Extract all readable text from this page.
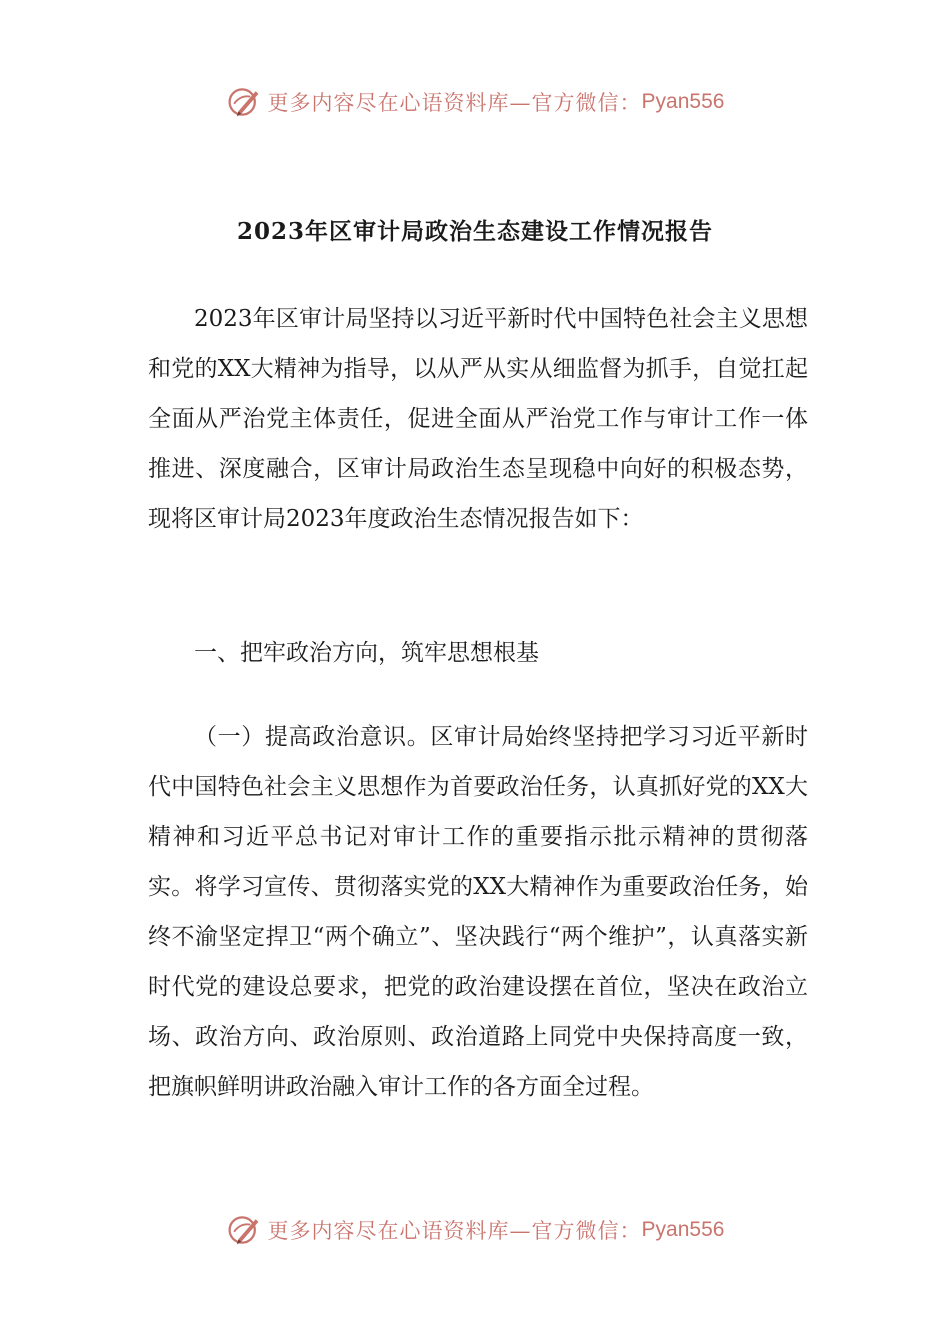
更多内容尽在心语资料库—官方微信： Pyan556
2023年区审计局政治生态建设工作情况报告

2023年区审计局坚持以习近平新时代中国特色社会主义思想和党的XX大精神为指导，以从严从实从细监督为抓手，自觉扛起全面从严治党主体责任，促进全面从严治党工作与审计工作一体推进、深度融合，区审计局政治生态呈现稳中向好的积极态势，现将区审计局2023年度政治生态情况报告如下：

一、把牢政治方向，筑牢思想根基

（一）提高政治意识。区审计局始终坚持把学习习近平新时代中国特色社会主义思想作为首要政治任务，认真抓好党的XX大精神和习近平总书记对审计工作的重要指示批示精神的贯彻落实。将学习宣传、贯彻落实党的XX大精神作为重要政治任务，始终不渝坚定捍卫“两个确立”、坚决践行“两个维护”，认真落实新时代党的建设总要求，把党的政治建设摆在首位，坚决在政治立场、政治方向、政治原则、政治道路上同党中央保持高度一致，把旗帜鲜明讲政治融入审计工作的各方面全过程。

更多内容尽在心语资料库—官方微信： Pyan556
